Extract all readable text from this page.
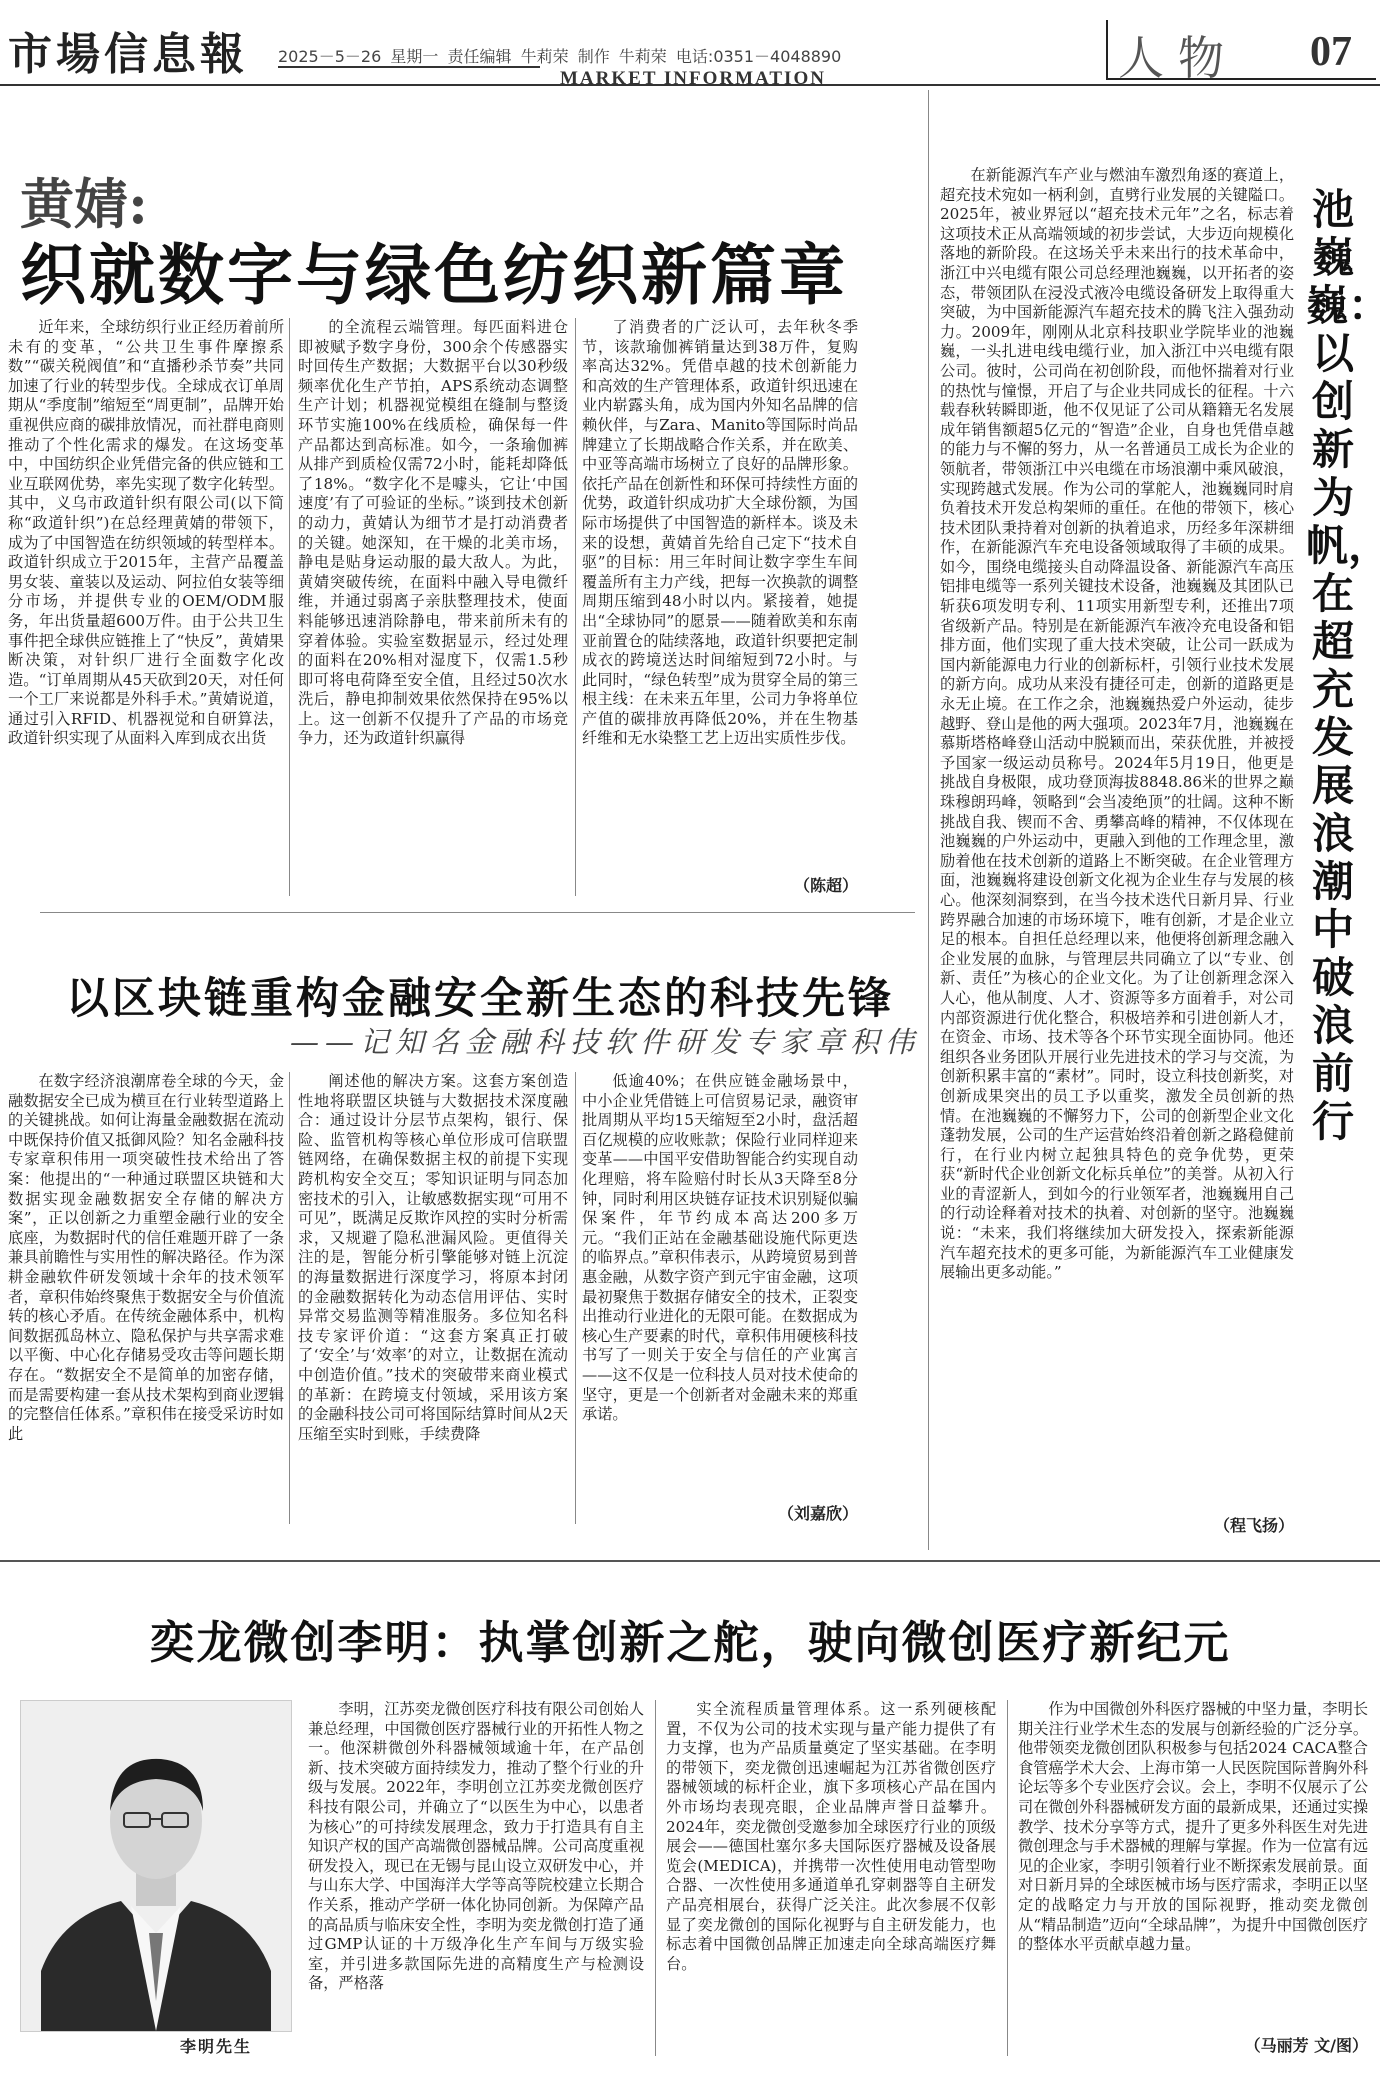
市場信息報 2025－5－26 星期一 责任编辑 牛莉荣 制作 牛莉荣 电话:0351－4048890
MARKET INFORMATION	人物 07
黄婧:
织就数字与绿色纺织新篇章

近年来，全球纺织行业正经历着前所未有的变革，“公共卫生事件摩擦系数”“碳关税阀值”和“直播秒杀节奏”共同加速了行业的转型步伐。全球成衣订单周期从“季度制”缩短至“周更制”，品牌开始重视供应商的碳排放情况，而社群电商则推动了个性化需求的爆发。在这场变革中，中国纺织企业凭借完备的供应链和工业互联网优势，率先实现了数字化转型。其中，义乌市政道针织有限公司(以下简称“政道针织”)在总经理黄婧的带领下，成为了中国智造在纺织领域的转型样本。政道针织成立于2015年，主营产品覆盖男女装、童装以及运动、阿拉伯女装等细分市场，并提供专业的OEM/ODM服务，年出货量超600万件。由于公共卫生事件把全球供应链推上了“快反”，黄婧果断决策，对针织厂进行全面数字化改造。“订单周期从45天砍到20天，对任何一个工厂来说都是外科手术。”黄婧说道，通过引入RFID、机器视觉和自研算法，政道针织实现了从面料入库到成衣出货

的全流程云端管理。每匹面料进仓即被赋予数字身份，300余个传感器实时回传生产数据；大数据平台以30秒级频率优化生产节拍，APS系统动态调整生产计划；机器视觉模组在缝制与整烫环节实施100%在线质检，确保每一件产品都达到高标准。如今，一条瑜伽裤从排产到质检仅需72小时，能耗却降低了18%。“数字化不是噱头，它让‘中国速度’有了可验证的坐标。”谈到技术创新的动力，黄婧认为细节才是打动消费者的关键。她深知，在干燥的北美市场，静电是贴身运动服的最大敌人。为此，黄婧突破传统，在面料中融入导电微纤维，并通过弱离子亲肤整理技术，使面料能够迅速消除静电，带来前所未有的穿着体验。实验室数据显示，经过处理的面料在20%相对湿度下，仅需1.5秒即可将电荷降至安全值，且经过50次水洗后，静电抑制效果依然保持在95%以上。这一创新不仅提升了产品的市场竞争力，还为政道针织赢得

了消费者的广泛认可，去年秋冬季节，该款瑜伽裤销量达到38万件，复购率高达32%。凭借卓越的技术创新能力和高效的生产管理体系，政道针织迅速在业内崭露头角，成为国内外知名品牌的信赖伙伴，与Zara、Manito等国际时尚品牌建立了长期战略合作关系，并在欧美、中亚等高端市场树立了良好的品牌形象。依托产品在创新性和环保可持续性方面的优势，政道针织成功扩大全球份额，为国际市场提供了中国智造的新样本。谈及未来的设想，黄婧首先给自己定下“技术自驱”的目标：用三年时间让数字孪生车间覆盖所有主力产线，把每一次换款的调整周期压缩到48小时以内。紧接着，她提出“全球协同”的愿景——随着欧美和东南亚前置仓的陆续落地，政道针织要把定制成衣的跨境送达时间缩短到72小时。与此同时，“绿色转型”成为贯穿全局的第三根主线：在未来五年里，公司力争将单位产值的碳排放再降低20%，并在生物基纤维和无水染整工艺上迈出实质性步伐。

（陈超）
以区块链重构金融安全新生态的科技先锋
——记知名金融科技软件研发专家章积伟

在数字经济浪潮席卷全球的今天，金融数据安全已成为横亘在行业转型道路上的关键挑战。如何让海量金融数据在流动中既保持价值又抵御风险？知名金融科技专家章积伟用一项突破性技术给出了答案：他提出的“一种通过联盟区块链和大数据实现金融数据安全存储的解决方案”，正以创新之力重塑金融行业的安全底座，为数据时代的信任难题开辟了一条兼具前瞻性与实用性的解决路径。作为深耕金融软件研发领域十余年的技术领军者，章积伟始终聚焦于数据安全与价值流转的核心矛盾。在传统金融体系中，机构间数据孤岛林立、隐私保护与共享需求难以平衡、中心化存储易受攻击等问题长期存在。“数据安全不是简单的加密存储，而是需要构建一套从技术架构到商业逻辑的完整信任体系。”章积伟在接受采访时如此

阐述他的解决方案。这套方案创造性地将联盟区块链与大数据技术深度融合：通过设计分层节点架构，银行、保险、监管机构等核心单位形成可信联盟链网络，在确保数据主权的前提下实现跨机构安全交互；零知识证明与同态加密技术的引入，让敏感数据实现“可用不可见”，既满足反欺诈风控的实时分析需求，又规避了隐私泄漏风险。更值得关注的是，智能分析引擎能够对链上沉淀的海量数据进行深度学习，将原本封闭的金融数据转化为动态信用评估、实时异常交易监测等精准服务。多位知名科技专家评价道：“这套方案真正打破了‘安全’与‘效率’的对立，让数据在流动中创造价值。”技术的突破带来商业模式的革新：在跨境支付领域，采用该方案的金融科技公司可将国际结算时间从2天压缩至实时到账，手续费降

低逾40%；在供应链金融场景中，中小企业凭借链上可信贸易记录，融资审批周期从平均15天缩短至2小时，盘活超百亿规模的应收账款；保险行业同样迎来变革——中国平安借助智能合约实现自动化理赔，将车险赔付时长从3天降至8分钟，同时利用区块链存证技术识别疑似骗保案件，年节约成本高达200多万元。“我们正站在金融基础设施代际更迭的临界点。”章积伟表示，从跨境贸易到普惠金融，从数字资产到元宇宙金融，这项最初聚焦于数据存储安全的技术，正裂变出推动行业进化的无限可能。在数据成为核心生产要素的时代，章积伟用硬核科技书写了一则关于安全与信任的产业寓言——这不仅是一位科技人员对技术使命的坚守，更是一个创新者对金融未来的郑重承诺。

（刘嘉欣）

在新能源汽车产业与燃油车激烈角逐的赛道上，超充技术宛如一柄利剑，直劈行业发展的关键隘口。2025年，被业界冠以“超充技术元年”之名，标志着这项技术正从高端领域的初步尝试，大步迈向规模化落地的新阶段。在这场关乎未来出行的技术革命中，浙江中兴电缆有限公司总经理池巍巍，以开拓者的姿态，带领团队在浸没式液冷电缆设备研发上取得重大突破，为中国新能源汽车超充技术的腾飞注入强劲动力。2009年，刚刚从北京科技职业学院毕业的池巍巍，一头扎进电线电缆行业，加入浙江中兴电缆有限公司。彼时，公司尚在初创阶段，而他怀揣着对行业的热忱与憧憬，开启了与企业共同成长的征程。十六载春秋转瞬即逝，他不仅见证了公司从籍籍无名发展成年销售额超5亿元的“智造”企业，自身也凭借卓越的能力与不懈的努力，从一名普通员工成长为企业的领航者，带领浙江中兴电缆在市场浪潮中乘风破浪，实现跨越式发展。作为公司的掌舵人，池巍巍同时肩负着技术开发总构架师的重任。在他的带领下，核心技术团队秉持着对创新的执着追求，历经多年深耕细作，在新能源汽车充电设备领域取得了丰硕的成果。如今，围绕电缆接头自动降温设备、新能源汽车高压铝排电缆等一系列关键技术设备，池巍巍及其团队已斩获6项发明专利、11项实用新型专利，还推出7项省级新产品。特别是在新能源汽车液冷充电设备和铝排方面，他们实现了重大技术突破，让公司一跃成为国内新能源电力行业的创新标杆，引领行业技术发展的新方向。成功从来没有捷径可走，创新的道路更是永无止境。在工作之余，池巍巍热爱户外运动，徒步越野、登山是他的两大强项。2023年7月，池巍巍在慕斯塔格峰登山活动中脱颖而出，荣获优胜，并被授予国家一级运动员称号。2024年5月19日，他更是挑战自身极限，成功登顶海拔8848.86米的世界之巅珠穆朗玛峰，领略到“会当凌绝顶”的壮阔。这种不断挑战自我、锲而不舍、勇攀高峰的精神，不仅体现在池巍巍的户外运动中，更融入到他的工作理念里，激励着他在技术创新的道路上不断突破。在企业管理方面，池巍巍将建设创新文化视为企业生存与发展的核心。他深刻洞察到，在当今技术迭代日新月异、行业跨界融合加速的市场环境下，唯有创新，才是企业立足的根本。自担任总经理以来，他便将创新理念融入企业发展的血脉，与管理层共同确立了以“专业、创新、责任”为核心的企业文化。为了让创新理念深入人心，他从制度、人才、资源等多方面着手，对公司内部资源进行优化整合，积极培养和引进创新人才，在资金、市场、技术等各个环节实现全面协同。他还组织各业务团队开展行业先进技术的学习与交流，为创新积累丰富的“素材”。同时，设立科技创新奖，对创新成果突出的员工予以重奖，激发全员创新的热情。在池巍巍的不懈努力下，公司的创新型企业文化蓬勃发展，公司的生产运营始终沿着创新之路稳健前行，在行业内树立起独具特色的竞争优势，更荣获“新时代企业创新文化标兵单位”的美誉。从初入行业的青涩新人，到如今的行业领军者，池巍巍用自己的行动诠释着对技术的执着、对创新的坚守。池巍巍说：“未来，我们将继续加大研发投入，探索新能源汽车超充技术的更多可能，为新能源汽车工业健康发展输出更多动能。”

（程飞扬）
池巍巍：以创新为帆，在超充发展浪潮中破浪前行
奕龙微创李明：执掌创新之舵，驶向微创医疗新纪元
李明先生

李明，江苏奕龙微创医疗科技有限公司创始人兼总经理，中国微创医疗器械行业的开拓性人物之一。他深耕微创外科器械领域逾十年，在产品创新、技术突破方面持续发力，推动了整个行业的升级与发展。2022年，李明创立江苏奕龙微创医疗科技有限公司，并确立了“以医生为中心，以患者为核心”的可持续发展理念，致力于打造具有自主知识产权的国产高端微创器械品牌。公司高度重视研发投入，现已在无锡与昆山设立双研发中心，并与山东大学、中国海洋大学等高等院校建立长期合作关系，推动产学研一体化协同创新。为保障产品的高品质与临床安全性，李明为奕龙微创打造了通过GMP认证的十万级净化生产车间与万级实验室，并引进多款国际先进的高精度生产与检测设备，严格落

实全流程质量管理体系。这一系列硬核配置，不仅为公司的技术实现与量产能力提供了有力支撑，也为产品质量奠定了坚实基础。在李明的带领下，奕龙微创迅速崛起为江苏省微创医疗器械领域的标杆企业，旗下多项核心产品在国内外市场均表现亮眼，企业品牌声誉日益攀升。2024年，奕龙微创受邀参加全球医疗行业的顶级展会——德国杜塞尔多夫国际医疗器械及设备展览会(MEDICA)，并携带一次性使用电动管型吻合器、一次性使用多通道单孔穿刺器等自主研发产品亮相展台，获得广泛关注。此次参展不仅彰显了奕龙微创的国际化视野与自主研发能力，也标志着中国微创品牌正加速走向全球高端医疗舞台。

作为中国微创外科医疗器械的中坚力量，李明长期关注行业学术生态的发展与创新经验的广泛分享。他带领奕龙微创团队积极参与包括2024 CACA整合食管癌学术大会、上海市第一人民医院国际普胸外科论坛等多个专业医疗会议。会上，李明不仅展示了公司在微创外科器械研发方面的最新成果，还通过实操教学、技术分享等方式，提升了更多外科医生对先进微创理念与手术器械的理解与掌握。作为一位富有远见的企业家，李明引领着行业不断探索发展前景。面对日新月异的全球医械市场与医疗需求，李明正以坚定的战略定力与开放的国际视野，推动奕龙微创从“精品制造”迈向“全球品牌”，为提升中国微创医疗的整体水平贡献卓越力量。

（马丽芳 文/图）
